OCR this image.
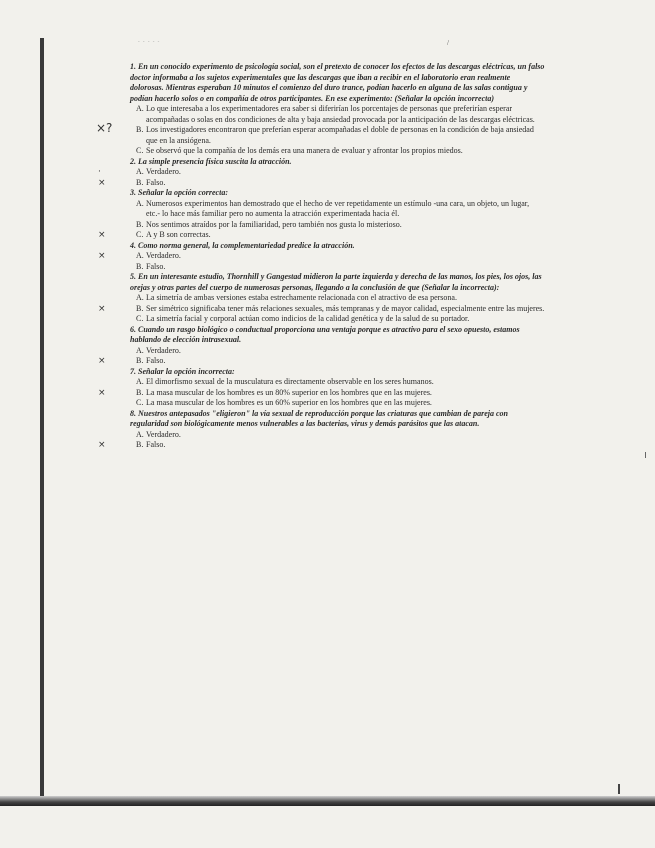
- - - - -	/

1. En un conocido experimento de psicología social, son el pretexto de conocer los efectos de las descargas eléctricas, un falso doctor informaba a los sujetos experimentales que las descargas que iban a recibir en el laboratorio eran realmente dolorosas. Mientras esperaban 10 minutos el comienzo del duro trance, podían hacerlo en alguna de las salas contigua y podían hacerlo solos o en compañía de otros participantes. En ese experimento: (Señalar la opción incorrecta)

A. Lo que interesaba a los experimentadores era saber si diferirían los porcentajes de personas que preferirían esperar acompañadas o solas en dos condiciones de alta y baja ansiedad provocada por la anticipación de las descargas eléctricas.

×?	B. Los investigadores encontraron que preferían esperar acompañadas el doble de personas en la condición de baja ansiedad que en la ansiógena.

C. Se observó que la compañía de los demás era una manera de evaluar y afrontar los propios miedos.

2. La simple presencia física suscita la atracción.

·	A. Verdadero.

×	B. Falso.

3. Señalar la opción correcta:

A. Numerosos experimentos han demostrado que el hecho de ver repetidamente un estímulo -una cara, un objeto, un lugar, etc.- lo hace más familiar pero no aumenta la atracción experimentada hacia él.

B. Nos sentimos atraídos por la familiaridad, pero también nos gusta lo misterioso.

×	C. A y B son correctas.

4. Como norma general, la complementariedad predice la atracción.

×	A. Verdadero.

B. Falso.

5. En un interesante estudio, Thornhill y Gangestad midieron la parte izquierda y derecha de las manos, los pies, los ojos, las orejas y otras partes del cuerpo de numerosas personas, llegando a la conclusión de que (Señalar la incorrecta):

A. La simetría de ambas versiones estaba estrechamente relacionada con el atractivo de esa persona.

×	B. Ser simétrico significaba tener más relaciones sexuales, más tempranas y de mayor calidad, especialmente entre las mujeres.

C. La simetría facial y corporal actúan como indicios de la calidad genética y de la salud de su portador.

6. Cuando un rasgo biológico o conductual proporciona una ventaja porque es atractivo para el sexo opuesto, estamos hablando de elección intrasexual.

A. Verdadero.

×	B. Falso.

7. Señalar la opción incorrecta:

A. El dimorfismo sexual de la musculatura es directamente observable en los seres humanos.

×	B. La masa muscular de los hombres es un 80% superior en los hombres que en las mujeres.

C. La masa muscular de los hombres es un 60% superior en los hombres que en las mujeres.

8. Nuestros antepasados "eligieron" la vía sexual de reproducción porque las criaturas que cambian de pareja con regularidad son biológicamente menos vulnerables a las bacterias, virus y demás parásitos que las atacan.

A. Verdadero.

×	B. Falso.
